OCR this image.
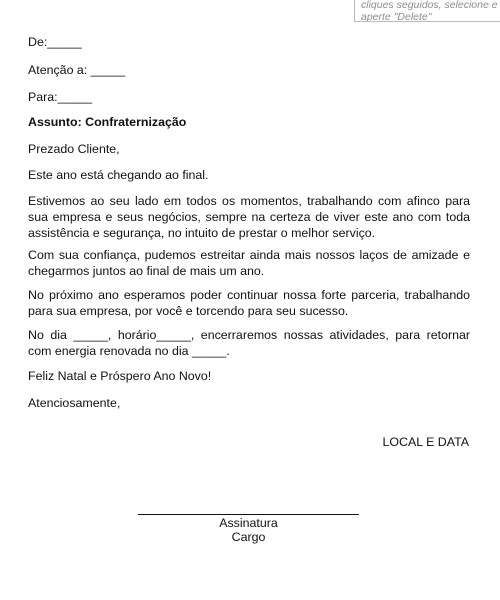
cliques seguidos, selecione e
aperte "Delete"
De:_____
Atenção a: _____
Para:_____
Assunto: Confraternização
Prezado Cliente,
Este ano está chegando ao final.
Estivemos ao seu lado em todos os momentos, trabalhando com afinco para sua empresa e seus negócios, sempre na certeza de viver este ano com toda assistência e segurança, no intuito de prestar o melhor serviço.
Com sua confiança, pudemos estreitar ainda mais nossos laços de amizade e chegarmos juntos ao final de mais um ano.
No próximo ano esperamos poder continuar nossa forte parceria, trabalhando para sua empresa, por você e torcendo para seu sucesso.
No dia _____, horário_____, encerraremos nossas atividades, para retornar com energia renovada no dia _____.
Feliz Natal e Próspero Ano Novo!
Atenciosamente,
LOCAL E DATA
Assinatura
Cargo
